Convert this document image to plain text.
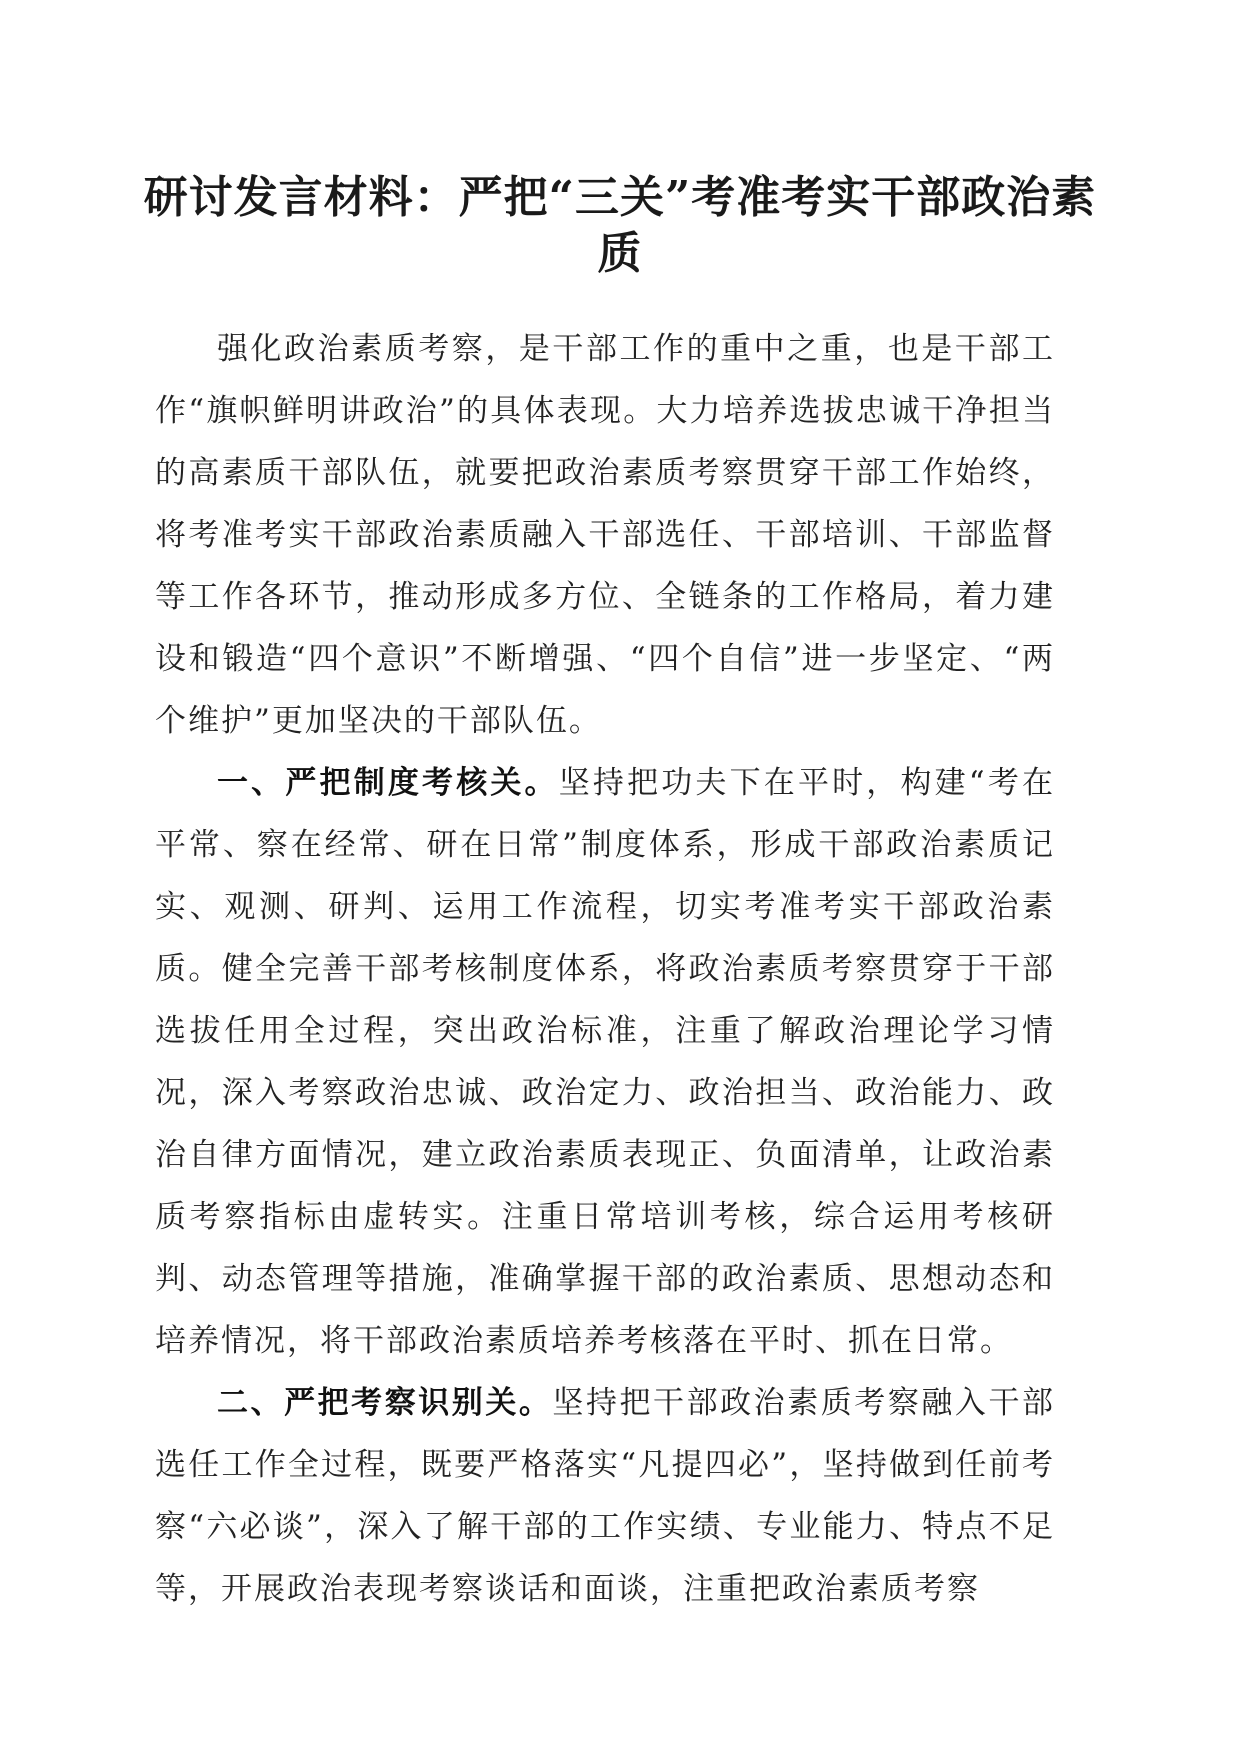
研讨发言材料：严把“三关”考准考实干部政治素质

强化政治素质考察，是干部工作的重中之重，也是干部工作“旗帜鲜明讲政治”的具体表现。大力培养选拔忠诚干净担当的高素质干部队伍，就要把政治素质考察贯穿干部工作始终，将考准考实干部政治素质融入干部选任、干部培训、干部监督等工作各环节，推动形成多方位、全链条的工作格局，着力建设和锻造“四个意识”不断增强、“四个自信”进一步坚定、“两个维护”更加坚决的干部队伍。

一、严把制度考核关。坚持把功夫下在平时，构建“考在平常、察在经常、研在日常”制度体系，形成干部政治素质记实、观测、研判、运用工作流程，切实考准考实干部政治素质。健全完善干部考核制度体系，将政治素质考察贯穿于干部选拔任用全过程，突出政治标准，注重了解政治理论学习情况，深入考察政治忠诚、政治定力、政治担当、政治能力、政治自律方面情况，建立政治素质表现正、负面清单，让政治素质考察指标由虚转实。注重日常培训考核，综合运用考核研判、动态管理等措施，准确掌握干部的政治素质、思想动态和培养情况，将干部政治素质培养考核落在平时、抓在日常。

二、严把考察识别关。坚持把干部政治素质考察融入干部选任工作全过程，既要严格落实“凡提四必”，坚持做到任前考察“六必谈”，深入了解干部的工作实绩、专业能力、特点不足等，开展政治表现考察谈话和面谈，注重把政治素质考察
